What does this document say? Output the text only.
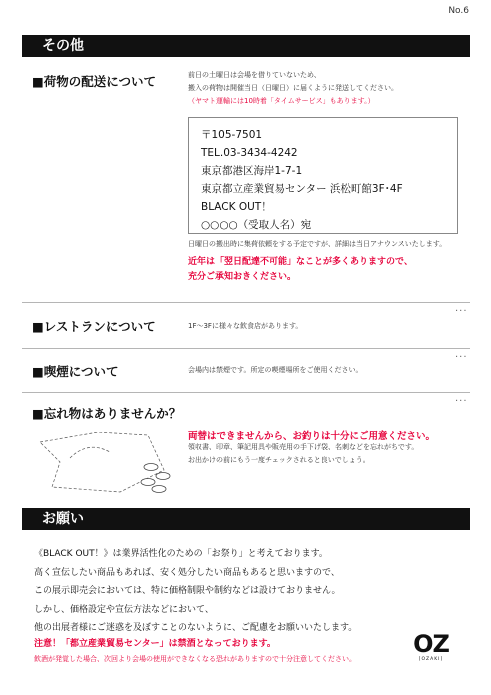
No.6
その他
■荷物の配送について	前日の土曜日は会場を借りていないため、
搬入の荷物は開催当日（日曜日）に届くように発送してください。
（ヤマト運輸には10時着「タイムサービス」もあります。）
〒105-7501
TEL.03-3434-4242
東京都港区海岸1-7-1
東京都立産業貿易センター 浜松町館3F･4F
BLACK OUT！
○○○○（受取人名）宛
日曜日の搬出時に集荷依頼をする予定ですが、詳細は当日アナウンスいたします。
近年は「翌日配達不可能」なことが多くありますので、
充分ご承知おきください。
···
■レストランについて	1F～3Fに様々な飲食店があります。
···
■喫煙について	会場内は禁煙です。所定の喫煙場所をご使用ください。
···
■忘れ物はありませんか？
両替はできませんから、お釣りは十分にご用意ください。
領収書、印章、筆記用具や販売用の手下げ袋、名刺などを忘れがちです。
お出かけの前にもう一度チェックされると良いでしょう。
お願い
《BLACK OUT！》は業界活性化のための「お祭り」と考えております。
高く宣伝したい商品もあれば、安く処分したい商品もあると思いますので、
この展示即売会においては、特に価格制限や制約などは設けておりません。
しかし、価格設定や宣伝方法などにおいて、
他の出展者様にご迷惑を及ぼすことのないように、ご配慮をお願いいたします。
注意！「都立産業貿易センター」は禁酒となっております。
飲酒が発覚した場合、次回より会場の使用ができなくなる恐れがありますので十分注意してください。
OZ
[OZAKI]
